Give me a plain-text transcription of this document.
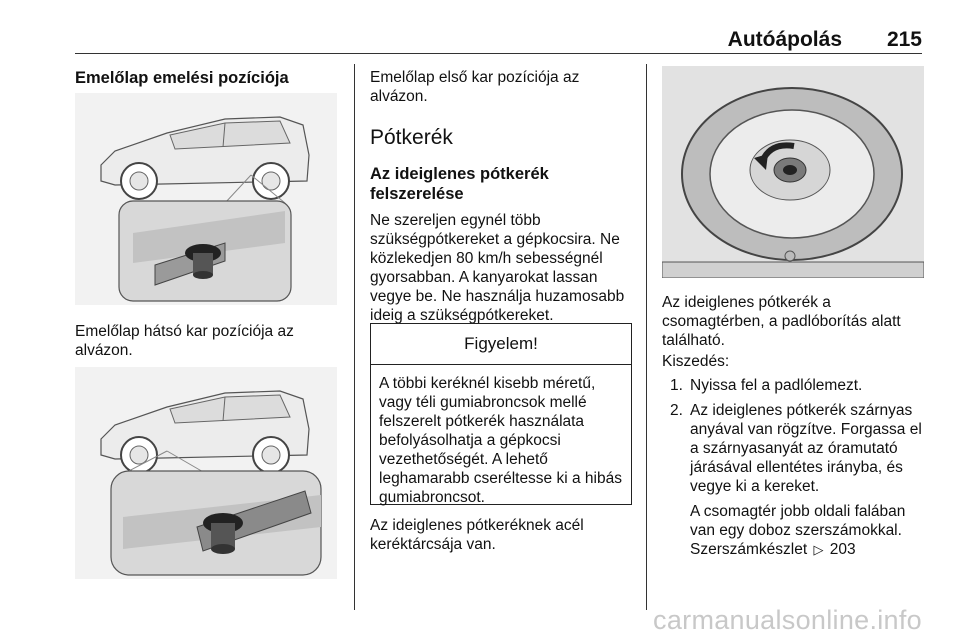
Autóápolás 215
Emelőlap emelési pozíciója
Emelőlap hátsó kar pozíciója az alvázon.
Emelőlap első kar pozíciója az alvázon.
Pótkerék
Az ideiglenes pótkerék felszerelése
Ne szereljen egynél több szükségpótkereket a gépkocsira. Ne közlekedjen 80 km/h sebességnél gyorsabban. A kanyarokat lassan vegye be. Ne használja huzamosabb ideig a szükségpótkereket.
Figyelem!
A többi keréknél kisebb méretű, vagy téli gumiabroncsok mellé felszerelt pótkerék használata befolyásolhatja a gépkocsi vezethetőségét. A lehető leghamarabb cseréltesse ki a hibás gumiabroncsot.
Az ideiglenes pótkeréknek acél keréktárcsája van.
Az ideiglenes pótkerék a csomagtérben, a padlóborítás alatt található.
Kiszedés:
1. Nyissa fel a padlólemezt.
2. Az ideiglenes pótkerék szárnyas anyával van rögzítve. Forgassa el a szárnyasanyát az óramutató járásával ellentétes irányba, és vegye ki a kereket.
A csomagtér jobb oldali falában van egy doboz szerszámokkal.
Szerszámkészlet ▷ 203
carmanualsonline.info
